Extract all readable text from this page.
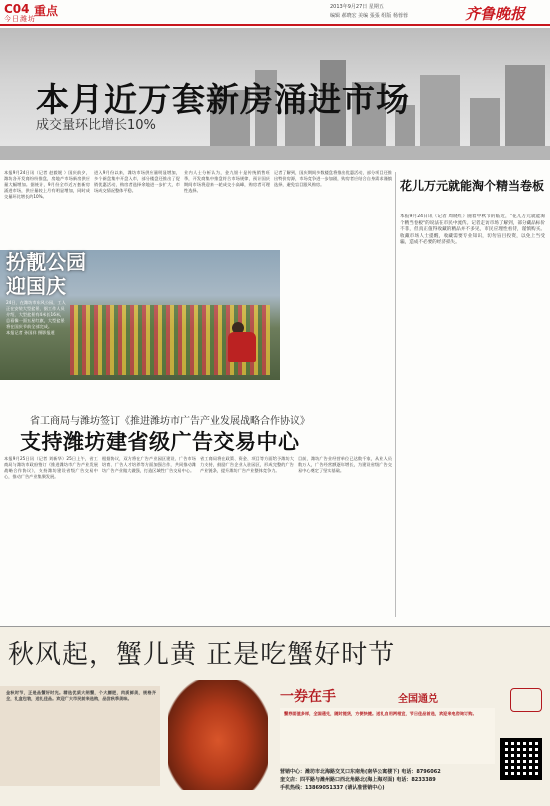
C04 重点
今日潍坊
2013年9月27日 星期五
编辑 郝晓宏 美编 張張 组版 杨蓉蓉	齐鲁晚报
本月近万套新房涌进市场
成交量环比增长10%
本报9月24日讯（记者 赵毅媛 ）国庆前夕，潍坊各开发商纷纷推盘，房地产市场新房供应量大幅增加。据统计，9月份全市近万套新房涌进市场，供应量较上月有明显增加，同时成交量环比增长约10%。
进入9月份以来，潍坊市场供应量明显增加，多个新盘集中开盘入市，部分楼盘还推出了促销优惠活动，购房者选择余地进一步扩大，市场成交情况整体平稳。
业内人士分析认为，金九银十是传统销售旺季，开发商集中推盘符合市场规律，预计国庆期间市场将迎来一轮成交小高峰，购房者可理性选择。
记者了解到，国庆期间多数楼盘将推出优惠活动，部分项目还推出特价房源，市场竞争进一步加剧，购房者应结合自身需求谨慎选择，避免盲目跟风购房。
扮靓公园
迎国庆
24日，在潍坊市东风公园，工人正在安装大型盆景，据工作人员介绍，大型盆景有4米长16米，总看像一面五星红旗，大型盆景将在国庆节前全部完成。
本报记者 孙国祥 摄影报道
花儿万元就能淘个精当卷板
本报9月24日讯（记者 周晓红）随着中秋节的临近，"花儿万元就能淘个精当卷板"的说法在市民中流传。记者走访市场了解到，部分藏品标价不菲，但真正值得收藏的精品并不多见，市民应理性看待，谨慎购买。收藏市场人士提醒，收藏需要专业知识，切勿盲目投资，以免上当受骗，造成不必要的经济损失。
省工商局与潍坊签订《推进潍坊市广告产业发展战略合作协议》
支持潍坊建省级广告交易中心
本报9月25日讯（记者 刘新华）25日上午，省工商局与潍坊市政府签订《推进潍坊市广告产业发展战略合作协议》，支持潍坊建设省级广告交易中心，推动广告产业集聚发展。
根据协议，双方将在广告产业园区建设、广告市场培育、广告人才培养等方面加强合作，共同推动潍坊广告产业做大做强，打造区域性广告交易中心。
省工商局将在政策、资金、项目等方面给予潍坊大力支持，鼓励广告企业入驻园区，形成完整的广告产业链条，提升潍坊广告产业整体竞争力。
目前，潍坊广告业经营单位已达数千家，从业人员数万人，广告经营额逐年增长，为建设省级广告交易中心奠定了坚实基础。
秋风起，蟹儿黄 正是吃蟹好时节
金秋时节，正是品蟹好时光。精选优质大闸蟹，个大膘肥，肉质鲜美，规格齐全，礼盒包装，送礼佳品。欢迎广大市民前来选购，品尝秋季美味。	一券在手	全国通兑
蟹券面值多样，全国通兑，随时提货，方便快捷。送礼自用两相宜，节日佳品首选，欢迎来电咨询订购。
营销中心：潍坊市北海路交叉口东南角(南华公寓楼下) 电话：8796062
奎文店：四平路与潍州路口西北角路北(海上海对面) 电话：8233389
手机热线：13869051337 (请认准营销中心)
